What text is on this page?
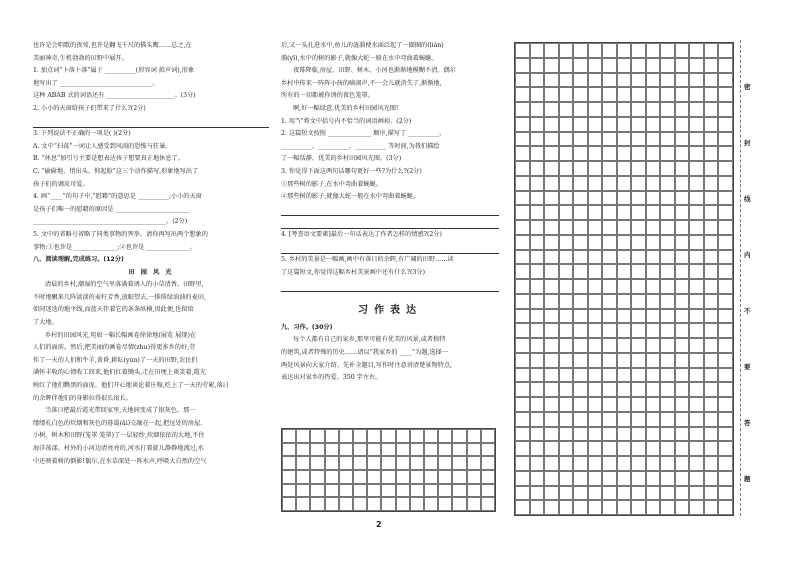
也许是会唱歌的夜莺,也许是翻飞千尺的猫头鹰……总之,在

美丽神奇,生机勃勃的田野中展开。

1. 加点词“卜落卜落”属于 __________(形容词 拟声词),形象

地写出了 ______________________________。

这种 ABAB 式的词语还有 ______________________。(3分)

2. 小小的天窗给孩子们带来了什么?(2分)

3. 下列说法不正确的一项是( )(2分)

A. 文中“扫荡”一词让人感受到风雨的恐怖与狂暴。

B. “休息”加引号主要是想表达孩子想要真正地休息了。

C. “偷偷地、悄出头、仰起脸”这三个动作描写,形象地写出了

孩子们的调皮可爱。

4. 画“____”的句子中,“慰藉”的意思是 __________;小小的天窗

是孩子们唯一的慰藉的原因是 ________________________

___________________________________________。(2分)

5. 文中的省略号省略了同类事物的列举。请你再写出两个想象的

事物:①也许是 ______________;②也许是 ______________。

八、阅读理解,完成练习。(12分)

田 园 风 光

清晨的乡村,潮湿的空气里落满着诱人的小草清香。田野里,

不时地飘来几阵淡淡的麦秆芳香,放眼望去,一排排绿油油的麦田,

如同迷迭的地平线,而蓝天伴着它的条条纵横,因此便,也留给

了大地。

乡村的田园风光,宛如一幅长幅画卷徐徐地(展览 展现)在

人们的面前。然后,把美丽的画卷尽情(zhu)得更多乡的好,劳

作了一天的人们和牛羊,黄昏,耕耘(yún)了一天的田野,农民们

满怀丰收的心情收工回来,他们扛着锄头,走在田埂上谈笑着,霞光

映红了他们黝黑的面庞。他们开心地谈论着庄稼,吃上了一天的劳累,落日

的余晖伴他们的身影拉得很长很长。

当落日把最后霞光带回家里,天地间变成了银灰色。那一

缕缕孔白色的炊烟和灰色的暮霭(ǎi)交融在一起,把远处的房屋、

小树、树木和田野(笼罩 笼罩)了一层轻纱,炊烟依依的大地,不住

海洋荡漾。村外的小河边清亮亮的,河水打着旋儿静静地流过,水

中还映着树的倒影!偶尔,在水草深处一阵水声,呼吸大自然的空气

后,又一头扎进水中,鱼儿的涟漪便水面泛起了一圈圈的(lián)

漪(yī),水中的树的影子,就像大蛇一般在水中弯曲着蜿蜒。

夜幕降临,房屋、田野、树木、小河也渐渐地模糊不清。偶尔

乡村中传来一阵阵小孩的嘀闹声,不一会儿就消失了,渐渐地,

所有的一切都被你诱的夜色笼罩。

啊,好一幅绿意,优美的乡村田园风光图!

1. 用“\”将文中括号内不恰当的词语画掉。(2分)

2. 这篇短文按照 ______________ 顺序,描写了 __________、

__________、__________、__________ 等时间,为我们描绘

了一幅恬静、优美的乡村田园风光图。(3分)

3. 你觉得下面这两句话哪句更好一些?为什么?(2分)

①那些树的影子,在水中弯曲着蜿蜒。

②那些树的影子,就像大蛇一般在水中弯曲着蜿蜒。

4. [考查语文要素]最后一句话表达了作者怎样的情感?(2分)

5. 乡村的美景是一幅画,画中有落日的余晖,有广阔的田野……读

了这篇短文,你觉得这幅乡村美景画中还有什么?(3分)

习作表达

九、习作。(30分)

每个人都有自己的家乡,那里可能有优美的风景,或者独特

的建筑,或者特殊的历史……请以“我家乡的 ____”为题,选择一

两处风景向大家介绍。先补全题目,写作时注意讲清楚景物特点,

表达出对家乡的热爱。350 字左右。

密
封
线
内
不
要
答
题
2
